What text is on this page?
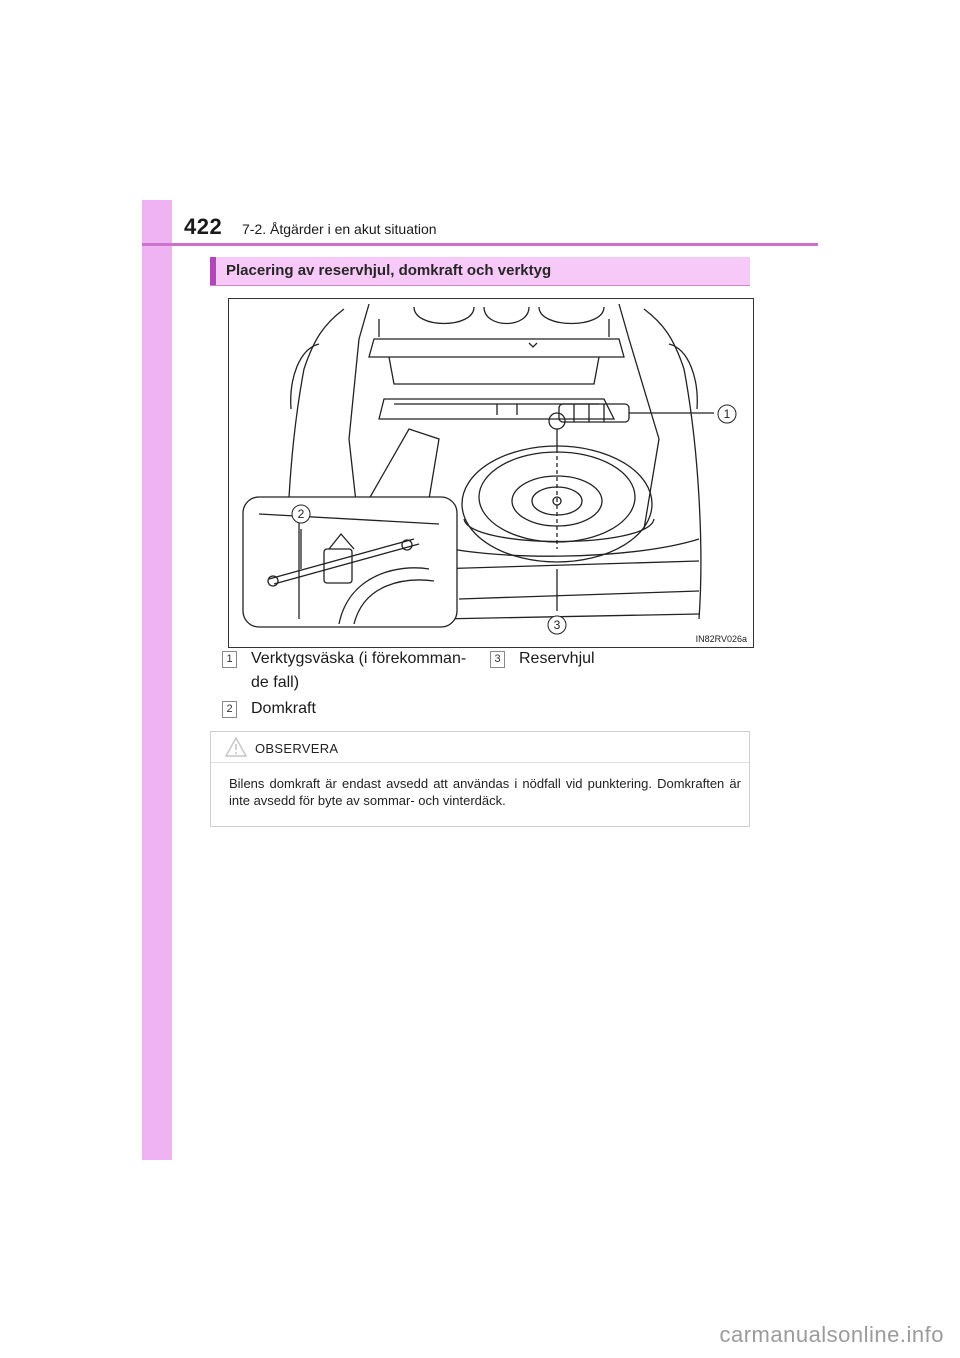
422 7-2. Åtgärder i en akut situation
Placering av reservhjul, domkraft och verktyg
1
2
3
IN82RV026a
1 Verktygsväska (i förekomman-de fall)
2 Domkraft
3 Reservhjul
OBSERVERA
Bilens domkraft är endast avsedd att användas i nödfall vid punktering. Domkraften är inte avsedd för byte av sommar- och vinterdäck.
carmanualsonline.info
